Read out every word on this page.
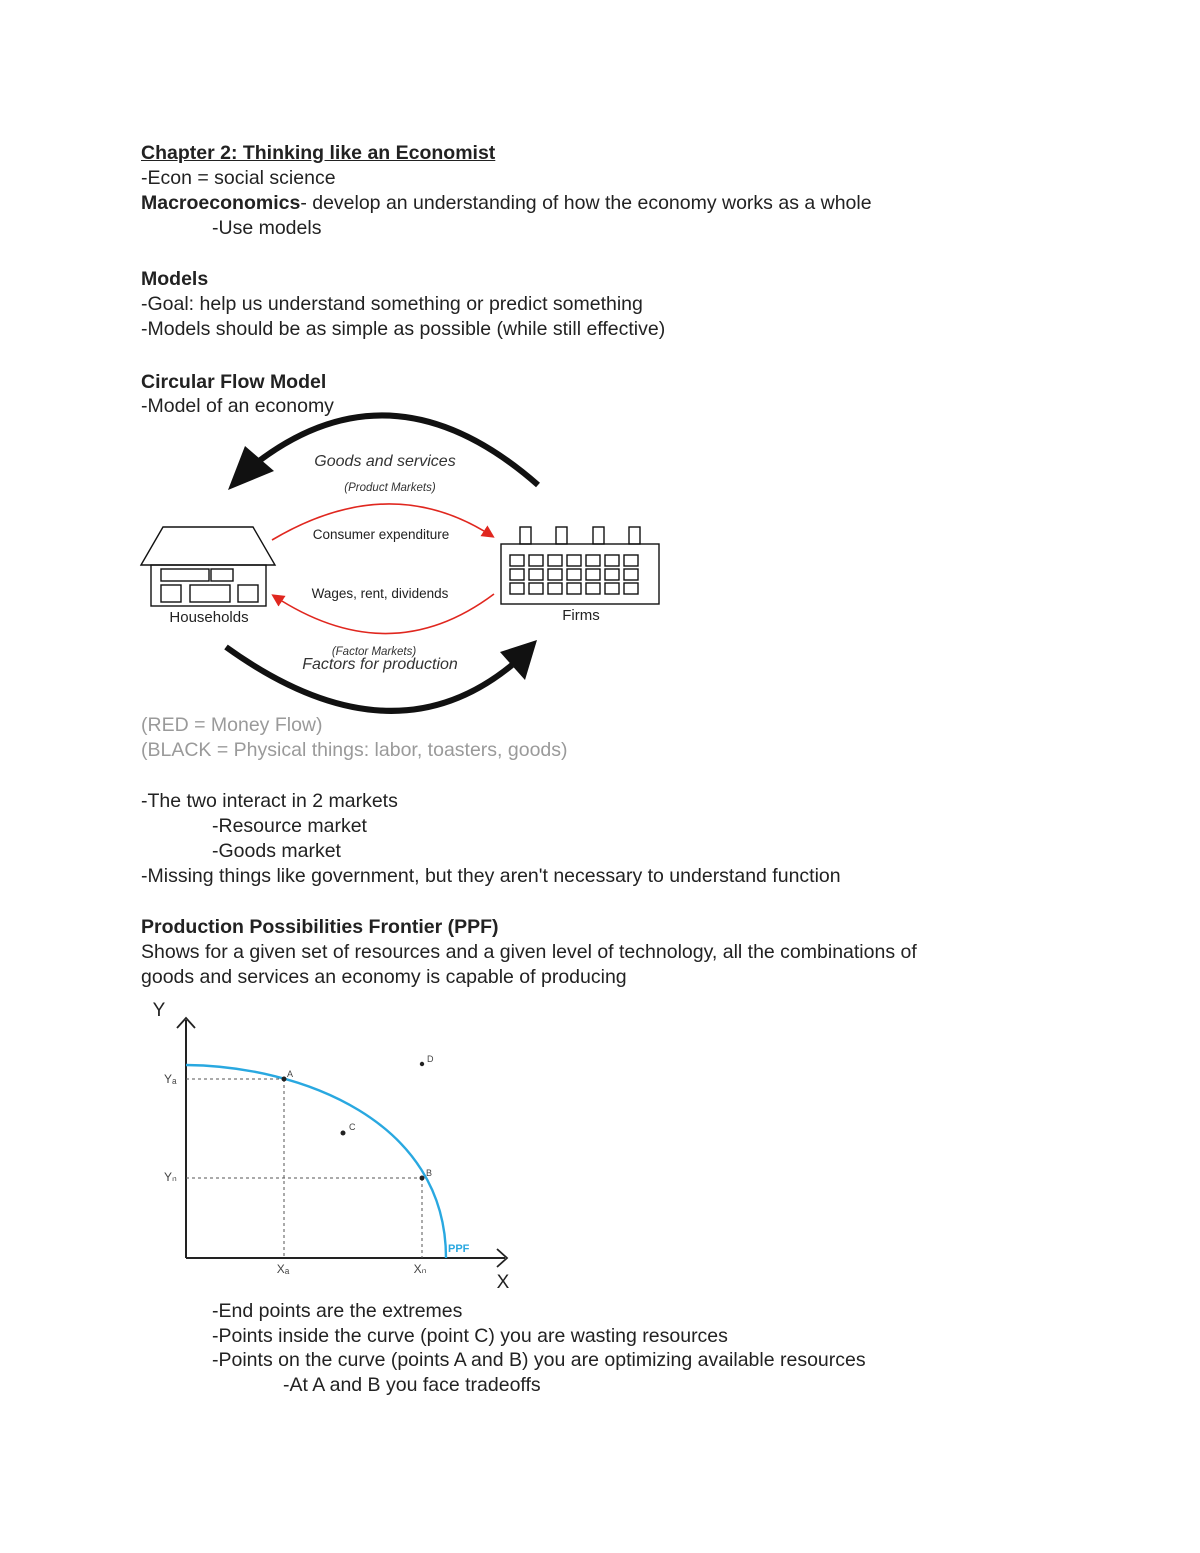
Chapter 2: Thinking like an Economist
-Econ = social science
Macroeconomics- develop an understanding of how the economy works as a whole
-Use models
Models
-Goal: help us understand something or predict something
-Models should be as simple as possible (while still effective)
Circular Flow Model
-Model of an economy
Goods and services
(Product Markets)
Consumer expenditure
Wages, rent, dividends
Households	Firms
(Factor Markets)
Factors for production
(RED = Money Flow)
(BLACK = Physical things: labor, toasters, goods)
-The two interact in 2 markets
-Resource market
-Goods market
-Missing things like government, but they aren't necessary to understand function
Production Possibilities Frontier (PPF)
Shows for a given set of resources and a given level of technology, all the combinations of
goods and services an economy is capable of producing
Y
X
PPF
Yₐ
Yₙ
Xₐ	Xₙ
A
B
C
D
-End points are the extremes
-Points inside the curve (point C) you are wasting resources
-Points on the curve (points A and B) you are optimizing available resources
-At A and B you face tradeoffs
